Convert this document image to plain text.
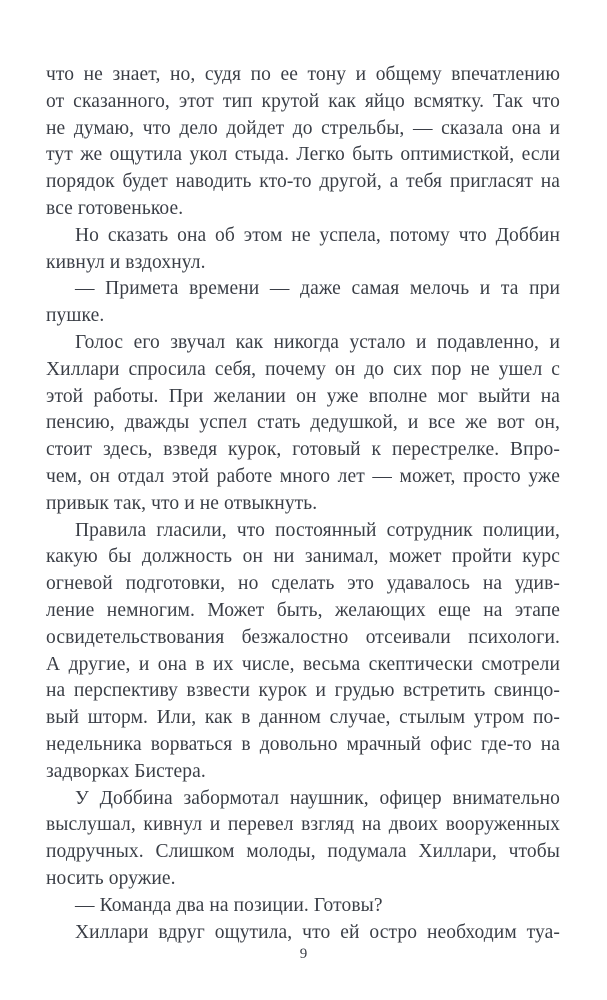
что не знает, но, судя по ее тону и общему впечатлению
от сказанного, этот тип крутой как яйцо всмятку. Так что
не думаю, что дело дойдет до стрельбы, — сказала она и
тут же ощутила укол стыда. Легко быть оптимисткой, если
порядок будет наводить кто-то другой, а тебя пригласят на
все готовенькое.
Но сказать она об этом не успела, потому что Доббин
кивнул и вздохнул.
— Примета времени — даже самая мелочь и та при
пушке.
Голос его звучал как никогда устало и подавленно, и
Хиллари спросила себя, почему он до сих пор не ушел с
этой работы. При желании он уже вполне мог выйти на
пенсию, дважды успел стать дедушкой, и все же вот он,
стоит здесь, взведя курок, готовый к перестрелке. Впро-
чем, он отдал этой работе много лет — может, просто уже
привык так, что и не отвыкнуть.
Правила гласили, что постоянный сотрудник полиции,
какую бы должность он ни занимал, может пройти курс
огневой подготовки, но сделать это удавалось на удив-
ление немногим. Может быть, желающих еще на этапе
освидетельствования безжалостно отсеивали психологи.
А другие, и она в их числе, весьма скептически смотрели
на перспективу взвести курок и грудью встретить свинцо-
вый шторм. Или, как в данном случае, стылым утром по-
недельника ворваться в довольно мрачный офис где-то на
задворках Бистера.
У Доббина забормотал наушник, офицер внимательно
выслушал, кивнул и перевел взгляд на двоих вооруженных
подручных. Слишком молоды, подумала Хиллари, чтобы
носить оружие.
— Команда два на позиции. Готовы?
Хиллари вдруг ощутила, что ей остро необходим туа-
9
